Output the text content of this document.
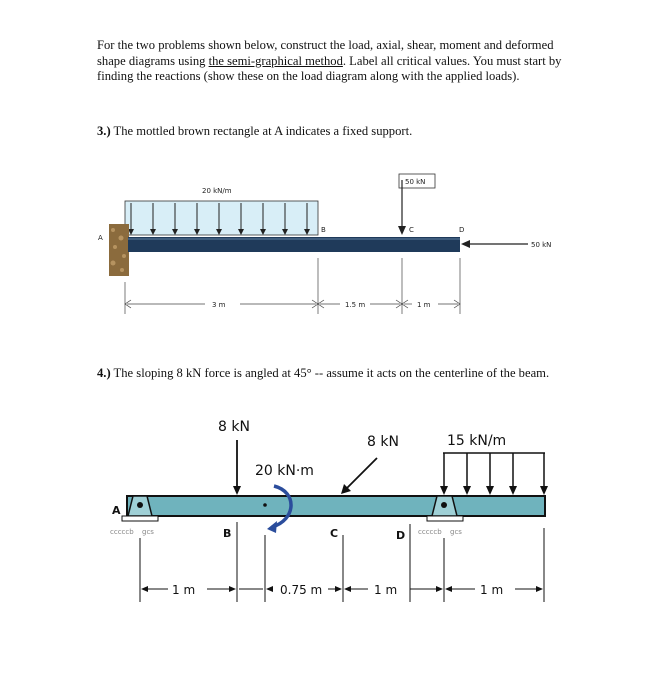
For the two problems shown below, construct the load, axial, shear, moment and deformed shape diagrams using the semi-graphical method. Label all critical values. You must start by finding the reactions (show these on the load diagram along with the applied loads).
3.) The mottled brown rectangle at A indicates a fixed support.
20 kN/m
A
50 kN
B	C	D
50 kN
3 m	1.5 m	1 m
4.) The sloping 8 kN force is angled at 45° -- assume it acts on the centerline of the beam.
cccccb gcs
A
cccccb gcs
8 kN
20 kN·m
8 kN	15 kN/m
B	C	D
1 m	0.75 m	1 m	1 m
